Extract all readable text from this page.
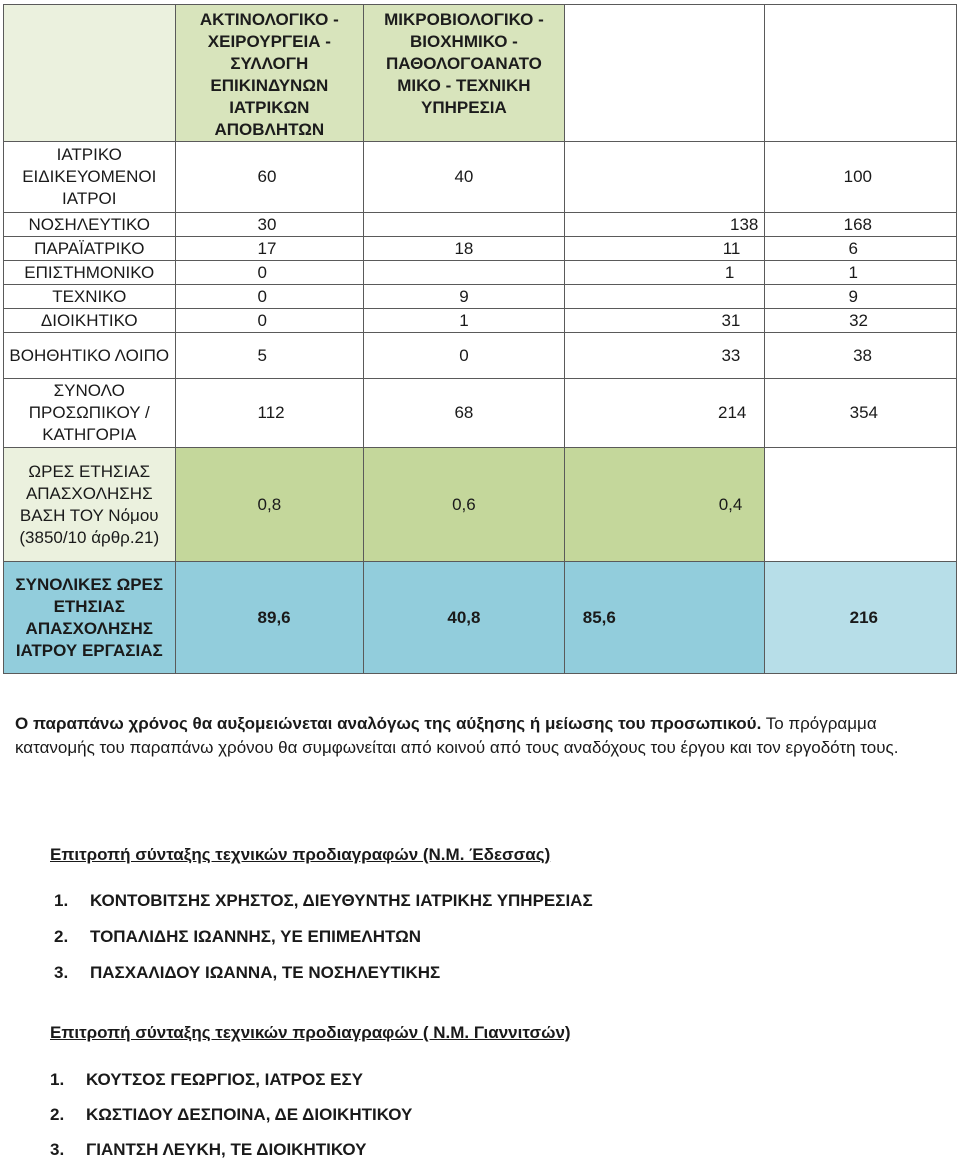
	ΑΚΤΙΝΟΛΟΓΙΚΟ - ΧΕΙΡΟΥΡΓΕΙΑ - ΣΥΛΛΟΓΗ ΕΠΙΚΙΝΔΥΝΩΝ ΙΑΤΡΙΚΩΝ ΑΠΟΒΛΗΤΩΝ	ΜΙΚΡΟΒΙΟΛΟΓΙΚΟ - ΒΙΟΧΗΜΙΚΟ - ΠΑΘΟΛΟΓΟΑΝΑΤΟ ΜΙΚΟ - ΤΕΧΝΙΚΗ ΥΠΗΡΕΣΙΑ		
ΙΑΤΡΙΚΟ ΕΙΔΙΚΕΥΟΜΕΝΟΙ ΙΑΤΡΟΙ	60	40		100
ΝΟΣΗΛΕΥΤΙΚΟ	30		138	168
ΠΑΡΑΪΑΤΡΙΚΟ	17	18	11	6
ΕΠΙΣΤΗΜΟΝΙΚΟ	0		1	1
ΤΕΧΝΙΚΟ	0	9		9
ΔΙΟΙΚΗΤΙΚΟ	0	1	31	32
ΒΟΗΘΗΤΙΚΟ ΛΟΙΠΟ	5	0	33	38
ΣΥΝΟΛΟ ΠΡΟΣΩΠΙΚΟΥ / ΚΑΤΗΓΟΡΙΑ	112	68	214	354
ΩΡΕΣ ΕΤΗΣΙΑΣ ΑΠΑΣΧΟΛΗΣΗΣ ΒΑΣΗ ΤΟΥ Νόμου (3850/10 άρθρ.21)	0,8	0,6	0,4	
ΣΥΝΟΛΙΚΕΣ ΩΡΕΣ ΕΤΗΣΙΑΣ ΑΠΑΣΧΟΛΗΣΗΣ ΙΑΤΡΟΥ ΕΡΓΑΣΙΑΣ	89,6	40,8	85,6	216
Ο παραπάνω χρόνος θα αυξομειώνεται αναλόγως της αύξησης ή μείωσης του προσωπικού. Το πρόγραμμα κατανομής του παραπάνω χρόνου θα συμφωνείται από κοινού από τους αναδόχους του έργου και τον εργοδότη τους.
Επιτροπή σύνταξης τεχνικών προδιαγραφών (Ν.Μ. Έδεσσας)
1. ΚΟΝΤΟΒΙΤΣΗΣ ΧΡΗΣΤΟΣ, ΔΙΕΥΘΥΝΤΗΣ ΙΑΤΡΙΚΗΣ ΥΠΗΡΕΣΙΑΣ
2. ΤΟΠΑΛΙΔΗΣ ΙΩΑΝΝΗΣ, ΥΕ ΕΠΙΜΕΛΗΤΩΝ
3. ΠΑΣΧΑΛΙΔΟΥ ΙΩΑΝΝΑ, ΤΕ ΝΟΣΗΛΕΥΤΙΚΗΣ
Επιτροπή σύνταξης τεχνικών προδιαγραφών ( Ν.Μ. Γιαννιτσών)
1. ΚΟΥΤΣΟΣ ΓΕΩΡΓΙΟΣ, ΙΑΤΡΟΣ ΕΣΥ
2. ΚΩΣΤΙΔΟΥ ΔΕΣΠΟΙΝΑ, ΔΕ ΔΙΟΙΚΗΤΙΚΟΥ
3. ΓΙΑΝΤΣΗ ΛΕΥΚΗ, ΤΕ ΔΙΟΙΚΗΤΙΚΟΥ
